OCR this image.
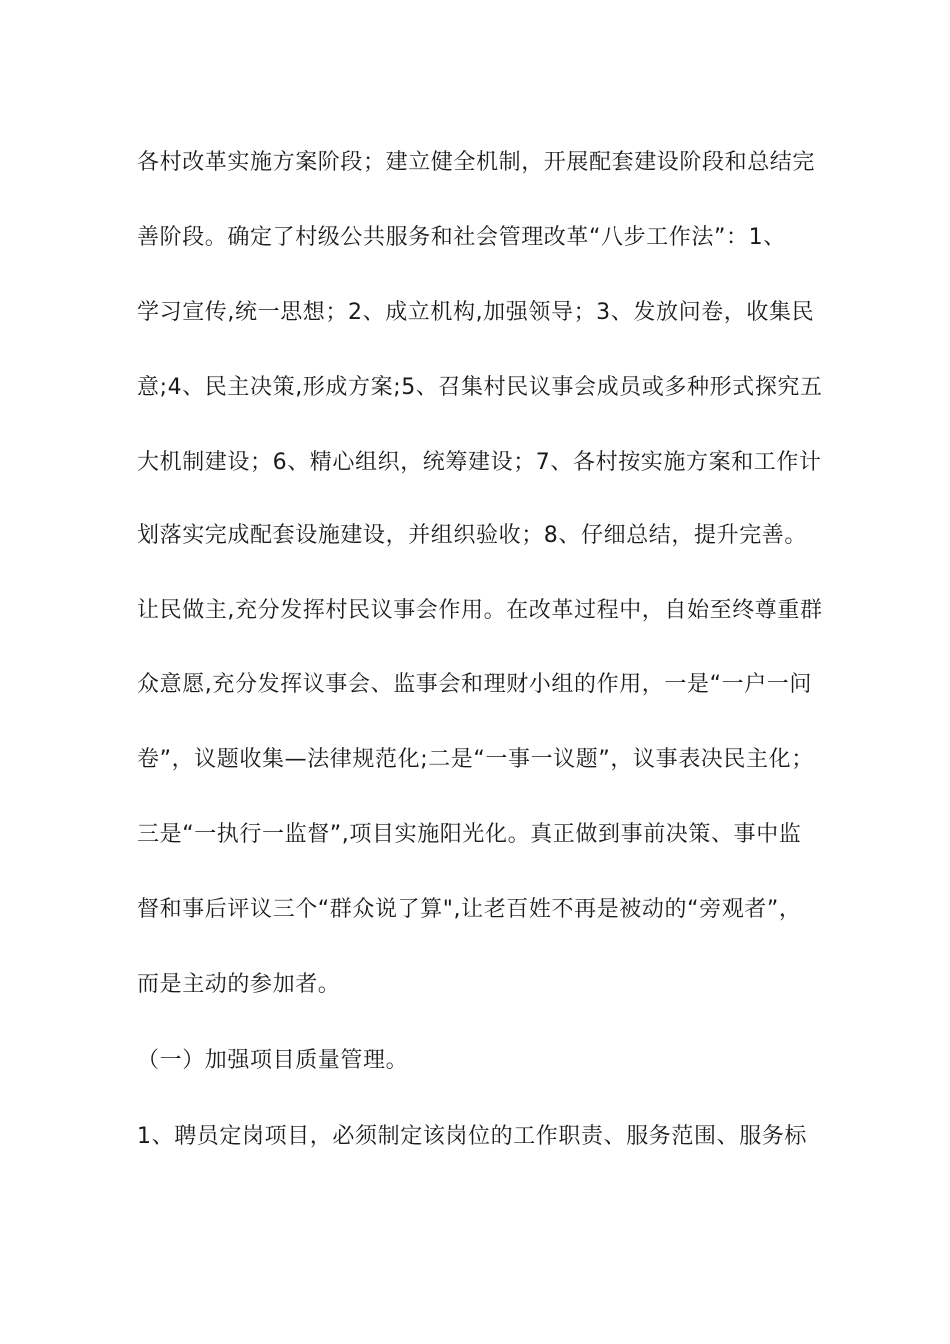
各村改革实施方案阶段；建立健全机制，开展配套建设阶段和总结完
善阶段。确定了村级公共服务和社会管理改革“八步工作法”：1、
学习宣传,统一思想；2、成立机构,加强领导；3、发放问卷，收集民
意;4、民主决策,形成方案;5、召集村民议事会成员或多种形式探究五
大机制建设；6、精心组织，统筹建设；7、各村按实施方案和工作计
划落实完成配套设施建设，并组织验收；8、仔细总结，提升完善。
让民做主,充分发挥村民议事会作用。在改革过程中，自始至终尊重群
众意愿,充分发挥议事会、监事会和理财小组的作用，一是“一户一问
卷”，议题收集—法律规范化;二是“一事一议题”，议事表决民主化；
三是“一执行一监督”,项目实施阳光化。真正做到事前决策、事中监
督和事后评议三个“群众说了算",让老百姓不再是被动的“旁观者”，
而是主动的参加者。
（一）加强项目质量管理。
1、聘员定岗项目，必须制定该岗位的工作职责、服务范围、服务标
